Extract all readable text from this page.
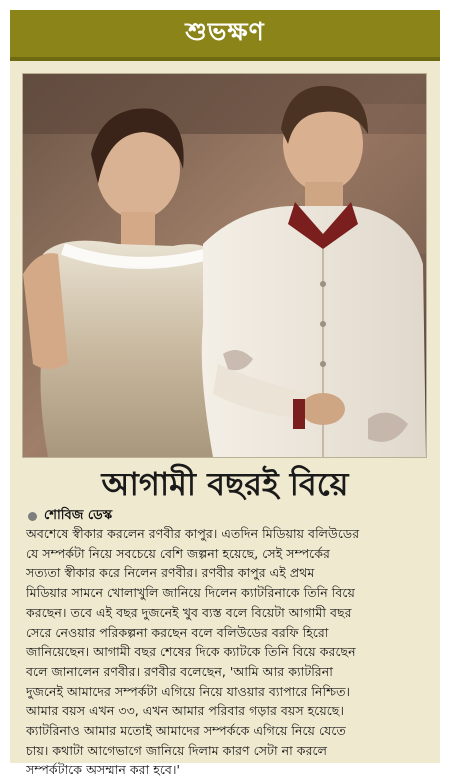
শুভক্ষণ
আগামী বছরই বিয়ে
শোবিজ ডেস্ক
অবশেষে স্বীকার করলেন রণবীর কাপুর। এতদিন মিডিয়ায় বলিউডের
যে সম্পর্কটা নিয়ে সবচেয়ে বেশি জল্পনা হয়েছে, সেই সম্পর্কের
সত্যতা স্বীকার করে নিলেন রণবীর। রণবীর কাপুর এই প্রথম
মিডিয়ার সামনে খোলাখুলি জানিয়ে দিলেন ক্যাটরিনাকে তিনি বিয়ে
করছেন। তবে এই বছর দুজনেই খুব ব্যস্ত বলে বিয়েটা আগামী বছর
সেরে নেওয়ার পরিকল্পনা করছেন বলে বলিউডের বরফি হিরো
জানিয়েছেন। আগামী বছর শেষের দিকে ক্যাটকে তিনি বিয়ে করছেন
বলে জানালেন রণবীর। রণবীর বলেছেন, 'আমি আর ক্যাটরিনা
দুজনেই আমাদের সম্পর্কটা এগিয়ে নিয়ে যাওয়ার ব্যাপারে নিশ্চিত।
আমার বয়স এখন ৩৩, এখন আমার পরিবার গড়ার বয়স হয়েছে।
ক্যাটরিনাও আমার মতোই আমাদের সম্পর্ককে এগিয়ে নিয়ে যেতে
চায়। কথাটা আগেভাগে জানিয়ে দিলাম কারণ সেটা না করলে
সম্পর্কটাকে অসম্মান করা হবে।'
